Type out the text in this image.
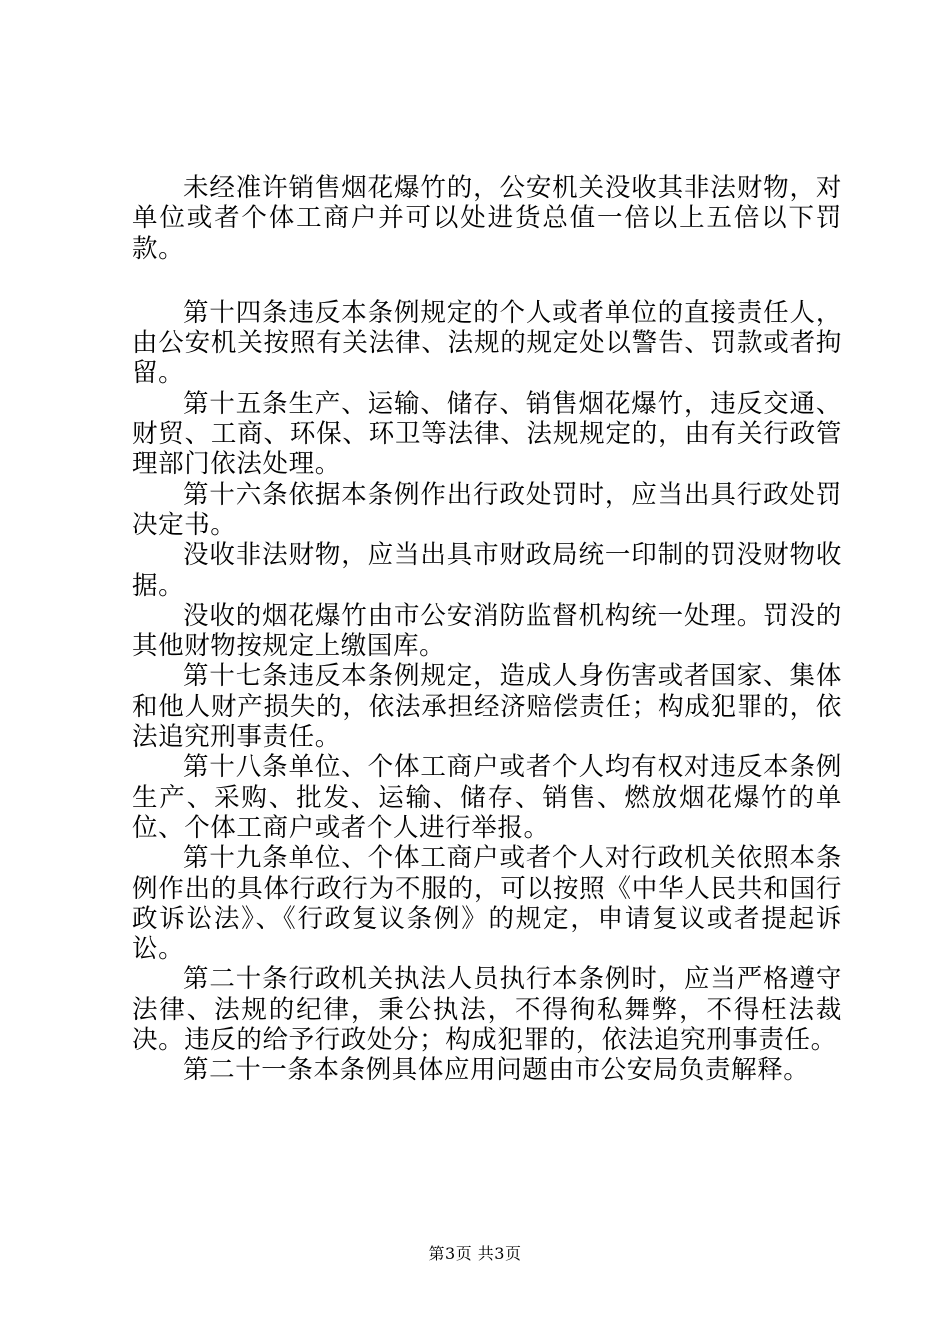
未经准许销售烟花爆竹的，公安机关没收其非法财物，对单位或者个体工商户并可以处进货总值一倍以上五倍以下罚款。

第十四条违反本条例规定的个人或者单位的直接责任人，由公安机关按照有关法律、法规的规定处以警告、罚款或者拘留。

第十五条生产、运输、储存、销售烟花爆竹，违反交通、财贸、工商、环保、环卫等法律、法规规定的，由有关行政管理部门依法处理。

第十六条依据本条例作出行政处罚时，应当出具行政处罚决定书。

没收非法财物，应当出具市财政局统一印制的罚没财物收据。

没收的烟花爆竹由市公安消防监督机构统一处理。罚没的其他财物按规定上缴国库。

第十七条违反本条例规定，造成人身伤害或者国家、集体和他人财产损失的，依法承担经济赔偿责任；构成犯罪的，依法追究刑事责任。

第十八条单位、个体工商户或者个人均有权对违反本条例生产、采购、批发、运输、储存、销售、燃放烟花爆竹的单位、个体工商户或者个人进行举报。

第十九条单位、个体工商户或者个人对行政机关依照本条例作出的具体行政行为不服的，可以按照《中华人民共和国行政诉讼法》、《行政复议条例》的规定，申请复议或者提起诉讼。

第二十条行政机关执法人员执行本条例时，应当严格遵守法律、法规的纪律，秉公执法，不得徇私舞弊，不得枉法裁决。违反的给予行政处分；构成犯罪的，依法追究刑事责任。

第二十一条本条例具体应用问题由市公安局负责解释。

第3页 共3页
